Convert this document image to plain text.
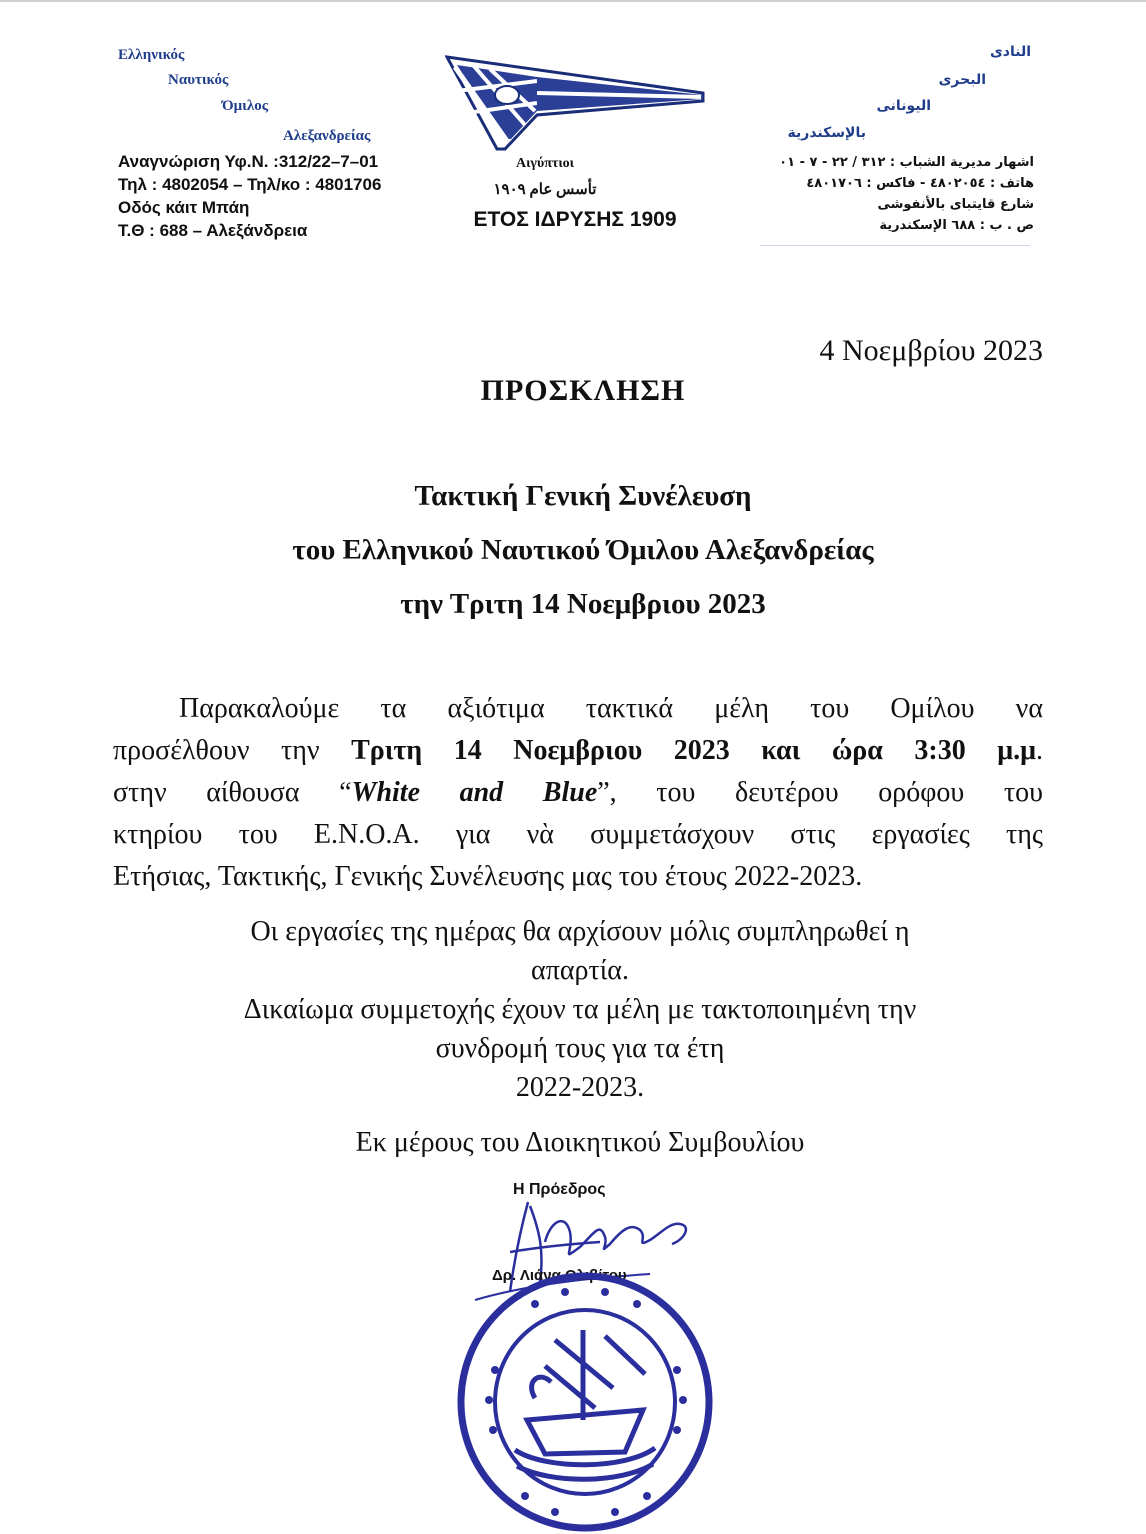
Ελληνικός
Ναυτικός
Όμιλος
Αλεξανδρείας
Αναγνώριση Υφ.Ν. :312/22–7–01
Τηλ : 4802054 – Τηλ/κο : 4801706
Οδός κάιτ Μπάη
Τ.Θ : 688 – Αλεξάνδρεια
Αιγύπτιοι
تأسس عام ١٩٠٩
ΕΤΟΣ ΙΔΡΥΣΗΣ 1909
النادى
البحرى
اليونانى
بالإسكندرية
اشهار مديرية الشباب : ٣١٢ / ٢٢ - ٧ - ٠١
هاتف : ٤٨٠٢٠٥٤ - فاكس : ٤٨٠١٧٠٦
شارع قايتباى بالأنفوشى
ص . ب : ٦٨٨ الإسكندرية
4 Νοεμβρίου 2023
ΠΡΟΣΚΛΗΣΗ
Τακτική Γενική Συνέλευση
του Ελληνικού Ναυτικού Όμιλου Αλεξανδρείας
την Τριτη 14 Νοεμβριου 2023
Παρακαλούμε τα αξιότιμα τακτικά μέλη του Ομίλου να
προσέλθουν την Τριτη 14 Νοεμβριου 2023 και ώρα 3:30 μ.μ.
στην αίθουσα “White and Blue”, του δευτέρου ορόφου του
κτηρίου του Ε.Ν.Ο.Α. για νὰ συμμετάσχουν στις εργασίες της
Ετήσιας, Τακτικής, Γενικής Συνέλευσης μας του έτους 2022-2023.
Οι εργασίες της ημέρας θα αρχίσουν μόλις συμπληρωθεί η
απαρτία.
Δικαίωμα συμμετοχής έχουν τα μέλη με τακτοποιημένη την
συνδρομή τους για τα έτη
2022-2023.
Εκ μέρους του Διοικητικού Συμβουλίου
Η Πρόεδρος
Δρ. Λιάνα Θλιβίτου
